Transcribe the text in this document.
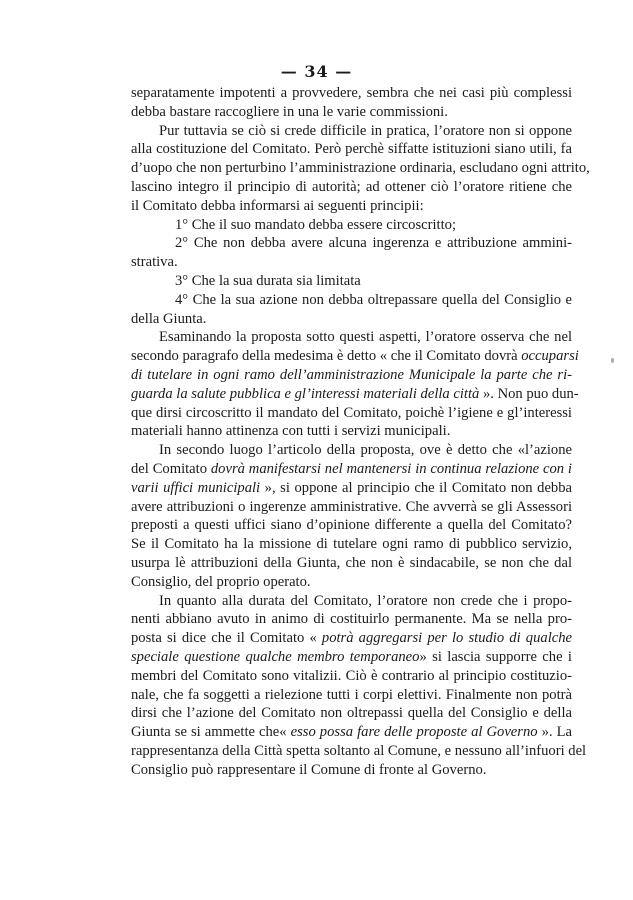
— 34 —
separatamente impotenti a provvedere, sembra che nei casi più complessi
debba bastare raccogliere in una le varie commissioni.
Pur tuttavia se ciò si crede difficile in pratica, l’oratore non si oppone
alla costituzione del Comitato. Però perchè siffatte istituzioni siano utili, fa
d’uopo che non perturbino l’amministrazione ordinaria, escludano ogni attrito,
lascino integro il principio di autorità; ad ottener ciò l’oratore ritiene che
il Comitato debba informarsi ai seguenti principii:
1° Che il suo mandato debba essere circoscritto;
2° Che non debba avere alcuna ingerenza e attribuzione ammini-
strativa.
3° Che la sua durata sia limitata
4° Che la sua azione non debba oltrepassare quella del Consiglio e
della Giunta.
Esaminando la proposta sotto questi aspetti, l’oratore osserva che nel
secondo paragrafo della medesima è detto « che il Comitato dovrà occuparsi
di tutelare in ogni ramo dell’amministrazione Municipale la parte che ri-
guarda la salute pubblica e gl’interessi materiali della città ». Non puo dun-
que dirsi circoscritto il mandato del Comitato, poichè l’igiene e gl’interessi
materiali hanno attinenza con tutti i servizi municipali.
In secondo luogo l’articolo della proposta, ove è detto che «l’azione
del Comitato dovrà manifestarsi nel mantenersi in continua relazione con i
varii uffici municipali », si oppone al principio che il Comitato non debba
avere attribuzioni o ingerenze amministrative. Che avverrà se gli Assessori
preposti a questi uffici siano d’opinione differente a quella del Comitato?
Se il Comitato ha la missione di tutelare ogni ramo di pubblico servizio,
usurpa lè attribuzioni della Giunta, che non è sindacabile, se non che dal
Consiglio, del proprio operato.
In quanto alla durata del Comitato, l’oratore non crede che i propo-
nenti abbiano avuto in animo di costituirlo permanente. Ma se nella pro-
posta si dice che il Comitato « potrà aggregarsi per lo studio di qualche
speciale questione qualche membro temporaneo» si lascia supporre che i
membri del Comitato sono vitalizii. Ciò è contrario al principio costituzio-
nale, che fa soggetti a rielezione tutti i corpi elettivi. Finalmente non potrà
dirsi che l’azione del Comitato non oltrepassi quella del Consiglio e della
Giunta se si ammette che« esso possa fare delle proposte al Governo ». La
rappresentanza della Città spetta soltanto al Comune, e nessuno all’infuori del
Consiglio può rappresentare il Comune di fronte al Governo.
